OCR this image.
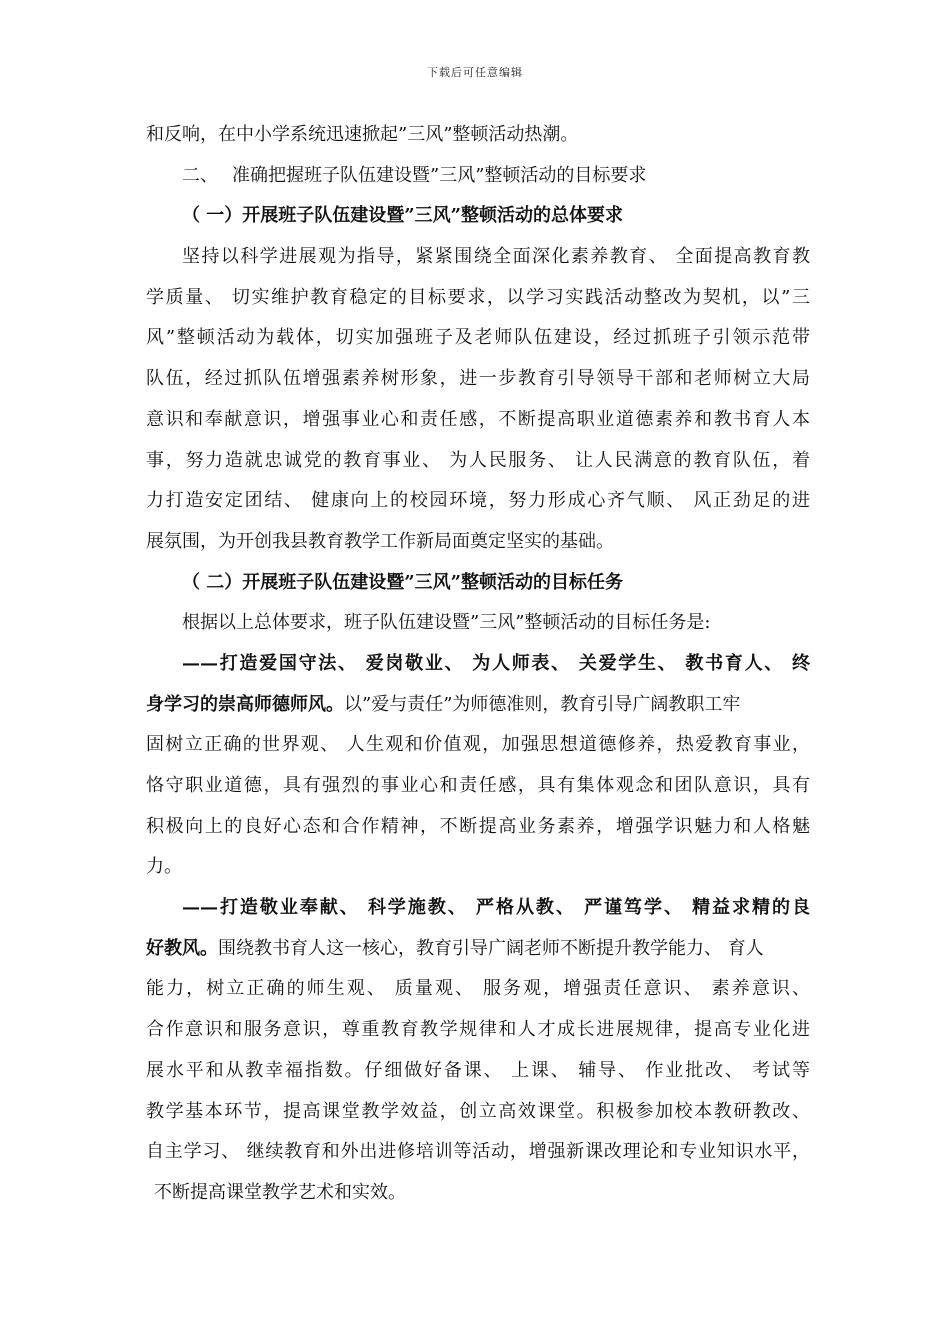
下载后可任意编辑
和反响，在中小学系统迅速掀起”三风”整顿活动热潮。
二、 准确把握班子队伍建设暨”三风”整顿活动的目标要求
（ 一）开展班子队伍建设暨”三风”整顿活动的总体要求
坚持以科学进展观为指导，紧紧围绕全面深化素养教育、 全面提高教育教
学质量、 切实维护教育稳定的目标要求，以学习实践活动整改为契机，以”三
风”整顿活动为载体，切实加强班子及老师队伍建设，经过抓班子引领示范带
队伍，经过抓队伍增强素养树形象，进一步教育引导领导干部和老师树立大局
意识和奉献意识，增强事业心和责任感，不断提高职业道德素养和教书育人本
事，努力造就忠诚党的教育事业、 为人民服务、 让人民满意的教育队伍，着
力打造安定团结、 健康向上的校园环境，努力形成心齐气顺、 风正劲足的进
展氛围，为开创我县教育教学工作新局面奠定坚实的基础。
（ 二）开展班子队伍建设暨”三风”整顿活动的目标任务
根据以上总体要求，班子队伍建设暨”三风”整顿活动的目标任务是:
——打造爱国守法、 爱岗敬业、 为人师表、 关爱学生、 教书育人、 终
身学习的崇高师德师风。以”爱与责任”为师德准则，教育引导广阔教职工牢
固树立正确的世界观、 人生观和价值观，加强思想道德修养，热爱教育事业，
恪守职业道德，具有强烈的事业心和责任感，具有集体观念和团队意识，具有
积极向上的良好心态和合作精神，不断提高业务素养，增强学识魅力和人格魅
力。
——打造敬业奉献、 科学施教、 严格从教、 严谨笃学、 精益求精的良
好教风。围绕教书育人这一核心，教育引导广阔老师不断提升教学能力、 育人
能力，树立正确的师生观、 质量观、 服务观，增强责任意识、 素养意识、
合作意识和服务意识，尊重教育教学规律和人才成长进展规律，提高专业化进
展水平和从教幸福指数。仔细做好备课、 上课、 辅导、 作业批改、 考试等
教学基本环节，提高课堂教学效益，创立高效课堂。积极参加校本教研教改、
自主学习、 继续教育和外出进修培训等活动，增强新课改理论和专业知识水平，
不断提高课堂教学艺术和实效。
